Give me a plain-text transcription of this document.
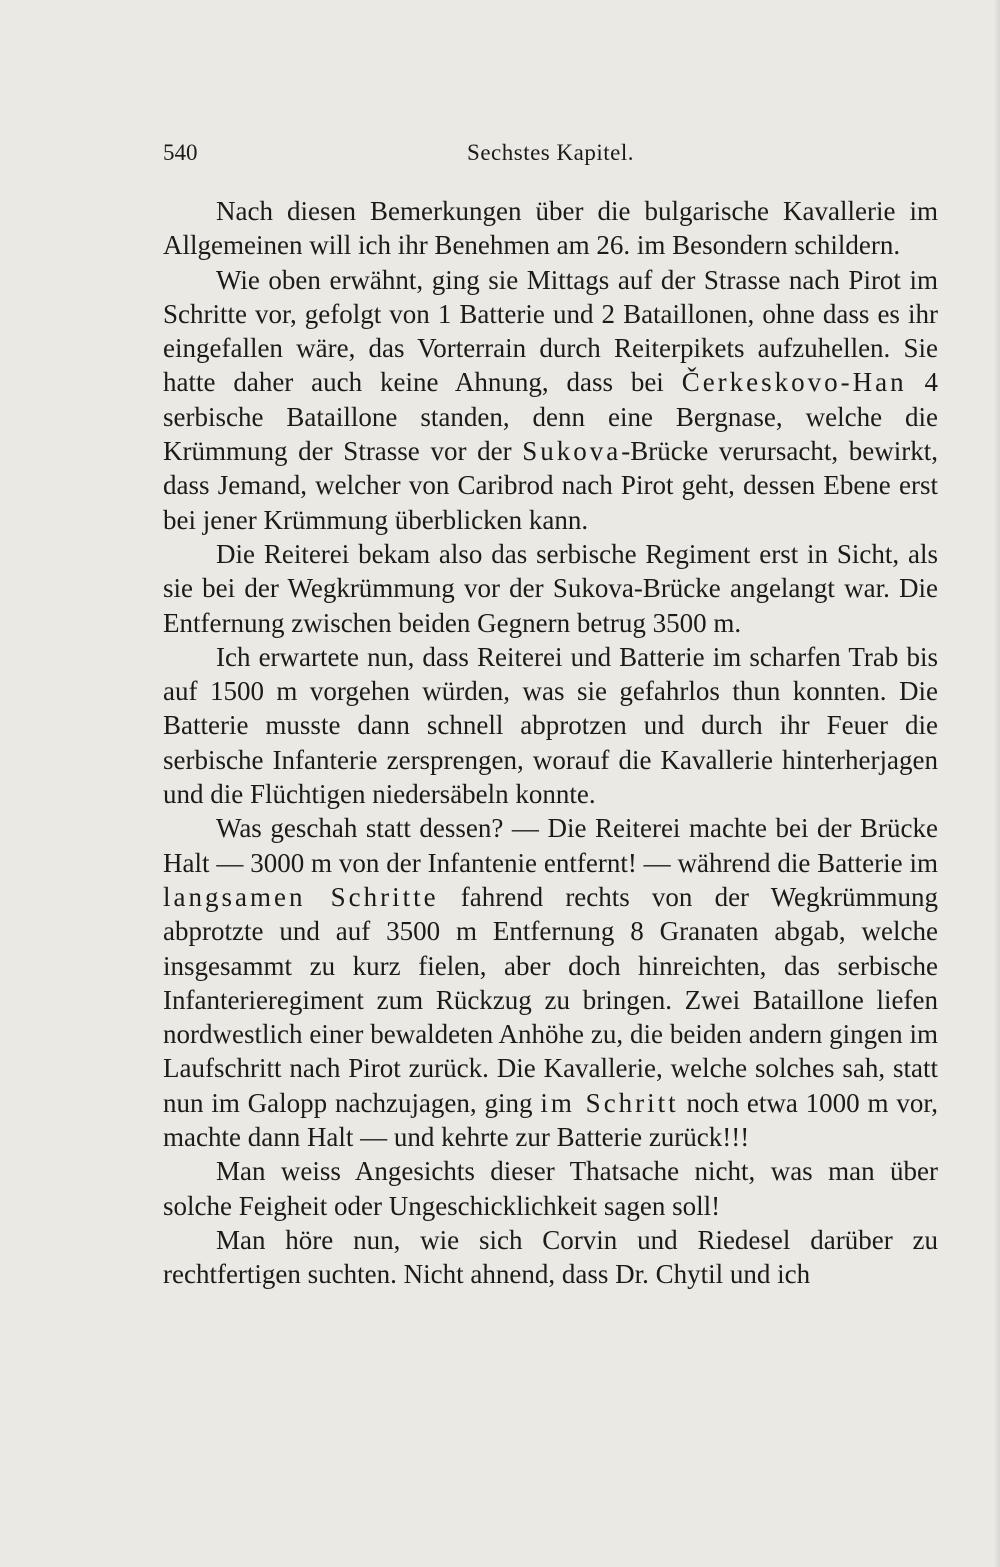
540	Sechstes Kapitel.

Nach diesen Bemerkungen über die bulgarische Kavallerie im Allgemeinen will ich ihr Benehmen am 26. im Besondern schildern.

Wie oben erwähnt, ging sie Mittags auf der Strasse nach Pirot im Schritte vor, gefolgt von 1 Batterie und 2 Bataillonen, ohne dass es ihr eingefallen wäre, das Vorterrain durch Reiterpikets aufzuhellen. Sie hatte daher auch keine Ahnung, dass bei Čerkeskovo-Han 4 serbische Bataillone standen, denn eine Bergnase, welche die Krümmung der Strasse vor der Sukova-Brücke verursacht, bewirkt, dass Jemand, welcher von Caribrod nach Pirot geht, dessen Ebene erst bei jener Krümmung überblicken kann.

Die Reiterei bekam also das serbische Regiment erst in Sicht, als sie bei der Wegkrümmung vor der Sukova-Brücke angelangt war. Die Entfernung zwischen beiden Gegnern betrug 3500 m.

Ich erwartete nun, dass Reiterei und Batterie im scharfen Trab bis auf 1500 m vorgehen würden, was sie gefahrlos thun konnten. Die Batterie musste dann schnell abprotzen und durch ihr Feuer die serbische Infanterie zersprengen, worauf die Kavallerie hinterherjagen und die Flüchtigen niedersäbeln konnte.

Was geschah statt dessen? — Die Reiterei machte bei der Brücke Halt — 3000 m von der Infantenie entfernt! — während die Batterie im langsamen Schritte fahrend rechts von der Wegkrümmung abprotzte und auf 3500 m Entfernung 8 Granaten abgab, welche insgesammt zu kurz fielen, aber doch hinreichten, das serbische Infanterieregiment zum Rückzug zu bringen. Zwei Bataillone liefen nordwestlich einer bewaldeten Anhöhe zu, die beiden andern gingen im Laufschritt nach Pirot zurück. Die Kavallerie, welche solches sah, statt nun im Galopp nachzujagen, ging im Schritt noch etwa 1000 m vor, machte dann Halt — und kehrte zur Batterie zurück!!!

Man weiss Angesichts dieser Thatsache nicht, was man über solche Feigheit oder Ungeschicklichkeit sagen soll!

Man höre nun, wie sich Corvin und Riedesel darüber zu rechtfertigen suchten. Nicht ahnend, dass Dr. Chytil und ich
